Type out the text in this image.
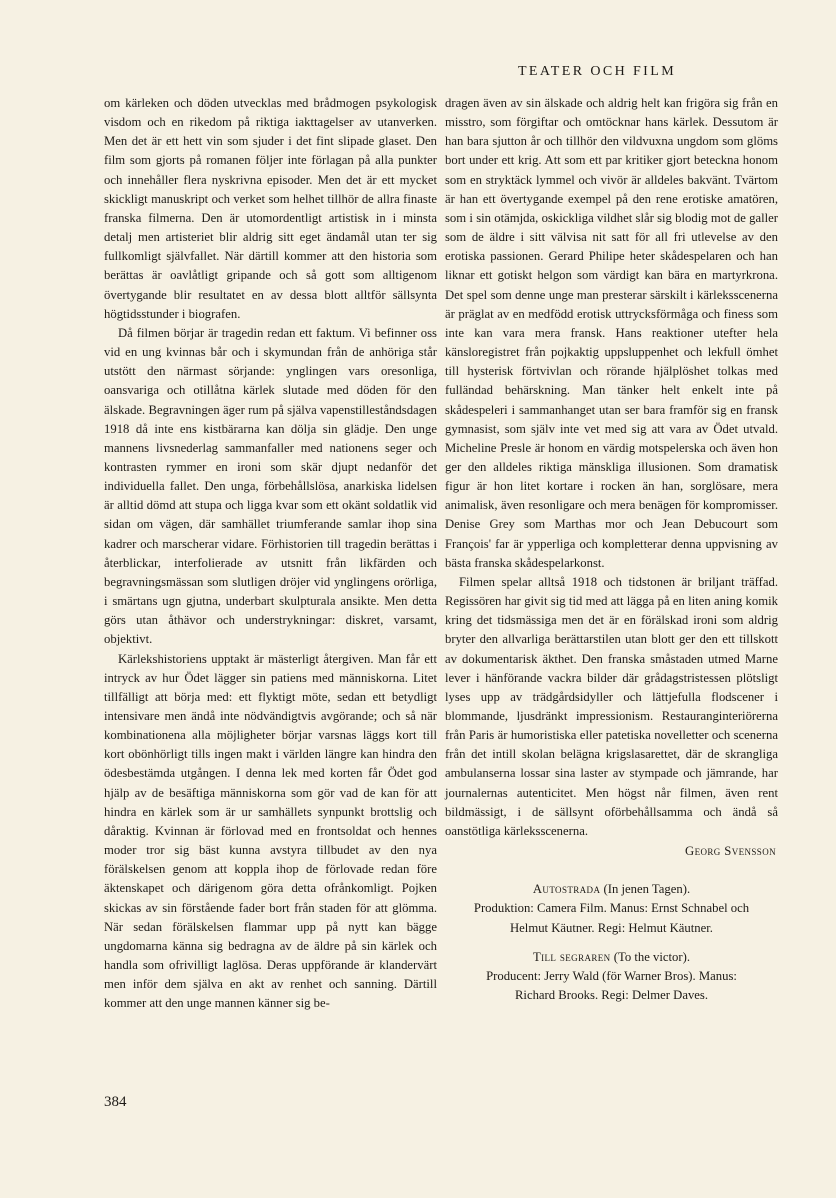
TEATER OCH FILM

om kärleken och döden utvecklas med brådmogen psykologisk visdom och en rikedom på riktiga iakttagelser av utanverken. Men det är ett hett vin som sjuder i det fint slipade glaset. Den film som gjorts på romanen följer inte förlagan på alla punkter och innehåller flera nyskrivna episoder. Men det är ett mycket skickligt manuskript och verket som helhet tillhör de allra finaste franska filmerna. Den är utomordentligt artistisk in i minsta detalj men artisteriet blir aldrig sitt eget ändamål utan ter sig fullkomligt självfallet. När därtill kommer att den historia som berättas är oavlåtligt gripande och så gott som alltigenom övertygande blir resultatet en av dessa blott alltför sällsynta högtidsstunder i biografen.

Då filmen börjar är tragedin redan ett faktum. Vi befinner oss vid en ung kvinnas bår och i skymundan från de anhöriga står utstött den närmast sörjande: ynglingen vars oresonliga, oansvariga och otillåtna kärlek slutade med döden för den älskade. Begravningen äger rum på själva vapenstilleståndsdagen 1918 då inte ens kistbärarna kan dölja sin glädje. Den unge mannens livsnederlag sammanfaller med nationens seger och kontrasten rymmer en ironi som skär djupt nedanför det individuella fallet. Den unga, förbehållslösa, anarkiska lidelsen är alltid dömd att stupa och ligga kvar som ett okänt soldatlik vid sidan om vägen, där samhället triumferande samlar ihop sina kadrer och marscherar vidare. Förhistorien till tragedin berättas i återblickar, interfolierade av utsnitt från likfärden och begravningsmässan som slutligen dröjer vid ynglingens orörliga, i smärtans ugn gjutna, underbart skulpturala ansikte. Men detta görs utan åthävor och understrykningar: diskret, varsamt, objektivt.

Kärlekshistoriens upptakt är mästerligt återgiven. Man får ett intryck av hur Ödet lägger sin patiens med människorna. Litet tillfälligt att börja med: ett flyktigt möte, sedan ett betydligt intensivare men ändå inte nödvändigtvis avgörande; och så när kombinationena alla möjligheter börjar varsnas läggs kort till kort obönhörligt tills ingen makt i världen längre kan hindra den ödesbestämda utgången. I denna lek med korten får Ödet god hjälp av de besäftiga människorna som gör vad de kan för att hindra en kärlek som är ur samhällets synpunkt brottslig och dåraktig. Kvinnan är förlovad med en frontsoldat och hennes moder tror sig bäst kunna avstyra tillbudet av den nya förälskelsen genom att koppla ihop de förlovade redan före äktenskapet och därigenom göra detta ofrånkomligt. Pojken skickas av sin förstående fader bort från staden för att glömma. När sedan förälskelsen flammar upp på nytt kan bägge ungdomarna känna sig bedragna av de äldre på sin kärlek och handla som ofrivilligt laglösa. Deras uppförande är klandervärt men inför dem själva en akt av renhet och sanning. Därtill kommer att den unge mannen känner sig be-

dragen även av sin älskade och aldrig helt kan frigöra sig från en misstro, som förgiftar och omtöcknar hans kärlek. Dessutom är han bara sjutton år och tillhör den vildvuxna ungdom som glöms bort under ett krig. Att som ett par kritiker gjort beteckna honom som en stryktäck lymmel och vivör är alldeles bakvänt. Tvärtom är han ett övertygande exempel på den rene erotiske amatören, som i sin otämjda, oskickliga vildhet slår sig blodig mot de galler som de äldre i sitt välvisa nit satt för all fri utlevelse av den erotiska passionen. Gerard Philipe heter skådespelaren och han liknar ett gotiskt helgon som värdigt kan bära en martyrkrona. Det spel som denne unge man presterar särskilt i kärleksscenerna är präglat av en medfödd erotisk uttrycksförmåga och finess som inte kan vara mera fransk. Hans reaktioner utefter hela känsloregistret från pojkaktig uppsluppenhet och lekfull ömhet till hysterisk förtvivlan och rörande hjälplöshet tolkas med fulländad behärskning. Man tänker helt enkelt inte på skådespeleri i sammanhanget utan ser bara framför sig en fransk gymnasist, som själv inte vet med sig att vara av Ödet utvald. Micheline Presle är honom en värdig motspelerska och även hon ger den alldeles riktiga mänskliga illusionen. Som dramatisk figur är hon litet kortare i rocken än han, sorglösare, mera animalisk, även resonligare och mera benägen för kompromisser. Denise Grey som Marthas mor och Jean Debucourt som François' far är ypperliga och kompletterar denna uppvisning av bästa franska skådespelarkonst.

Filmen spelar alltså 1918 och tidstonen är briljant träffad. Regissören har givit sig tid med att lägga på en liten aning komik kring det tidsmässiga men det är en förälskad ironi som aldrig bryter den allvarliga berättarstilen utan blott ger den ett tillskott av dokumentarisk äkthet. Den franska småstaden utmed Marne lever i hänförande vackra bilder där grådagstristessen plötsligt lyses upp av trädgårdsidyller och lättjefulla flodscener i blommande, ljusdränkt impressionism. Restauranginteriörerna från Paris är humoristiska eller patetiska novelletter och scenerna från det intill skolan belägna krigslasarettet, där de skrangliga ambulanserna lossar sina laster av stympade och jämrande, har journalernas autenticitet. Men högst når filmen, även rent bildmässigt, i de sällsynt oförbehållsamma och ändå så oanstötliga kärleksscenerna.

Georg Svensson
Autostrada (In jenen Tagen).
Produktion: Camera Film. Manus: Ernst Schnabel och
Helmut Käutner. Regi: Helmut Käutner.
Till segraren (To the victor).
Producent: Jerry Wald (för Warner Bros). Manus:
Richard Brooks. Regi: Delmer Daves.
384
